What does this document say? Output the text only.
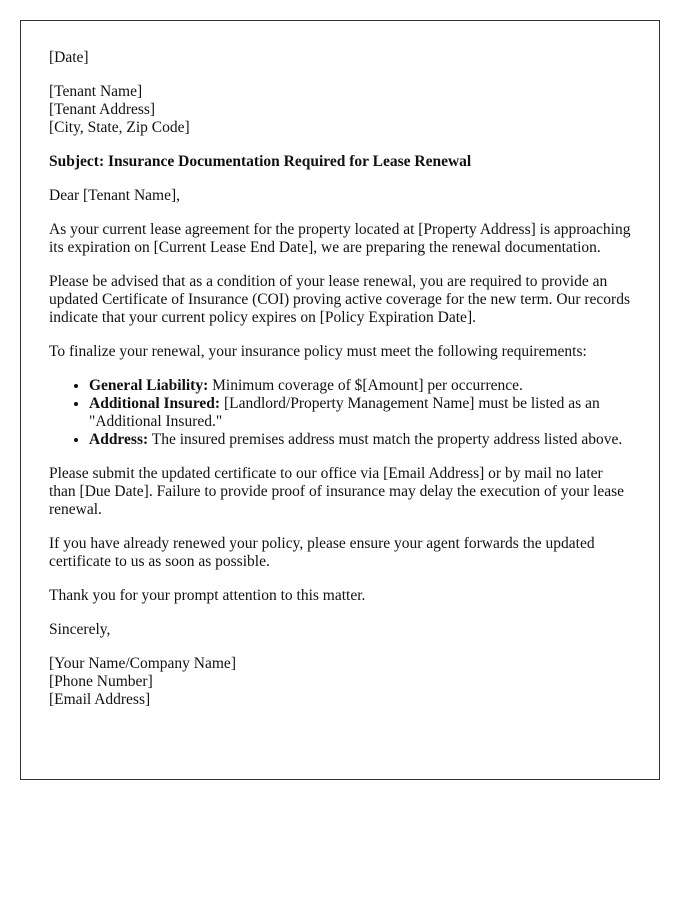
[Date]

[Tenant Name]
[Tenant Address]
[City, State, Zip Code]

Subject: Insurance Documentation Required for Lease Renewal

Dear [Tenant Name],

As your current lease agreement for the property located at [Property Address] is approaching its expiration on [Current Lease End Date], we are preparing the renewal documentation.

Please be advised that as a condition of your lease renewal, you are required to provide an updated Certificate of Insurance (COI) proving active coverage for the new term. Our records indicate that your current policy expires on [Policy Expiration Date].

To finalize your renewal, your insurance policy must meet the following requirements:

• General Liability: Minimum coverage of $[Amount] per occurrence.
• Additional Insured: [Landlord/Property Management Name] must be listed as an "Additional Insured."
• Address: The insured premises address must match the property address listed above.

Please submit the updated certificate to our office via [Email Address] or by mail no later than [Due Date]. Failure to provide proof of insurance may delay the execution of your lease renewal.

If you have already renewed your policy, please ensure your agent forwards the updated certificate to us as soon as possible.

Thank you for your prompt attention to this matter.

Sincerely,

[Your Name/Company Name]
[Phone Number]
[Email Address]
